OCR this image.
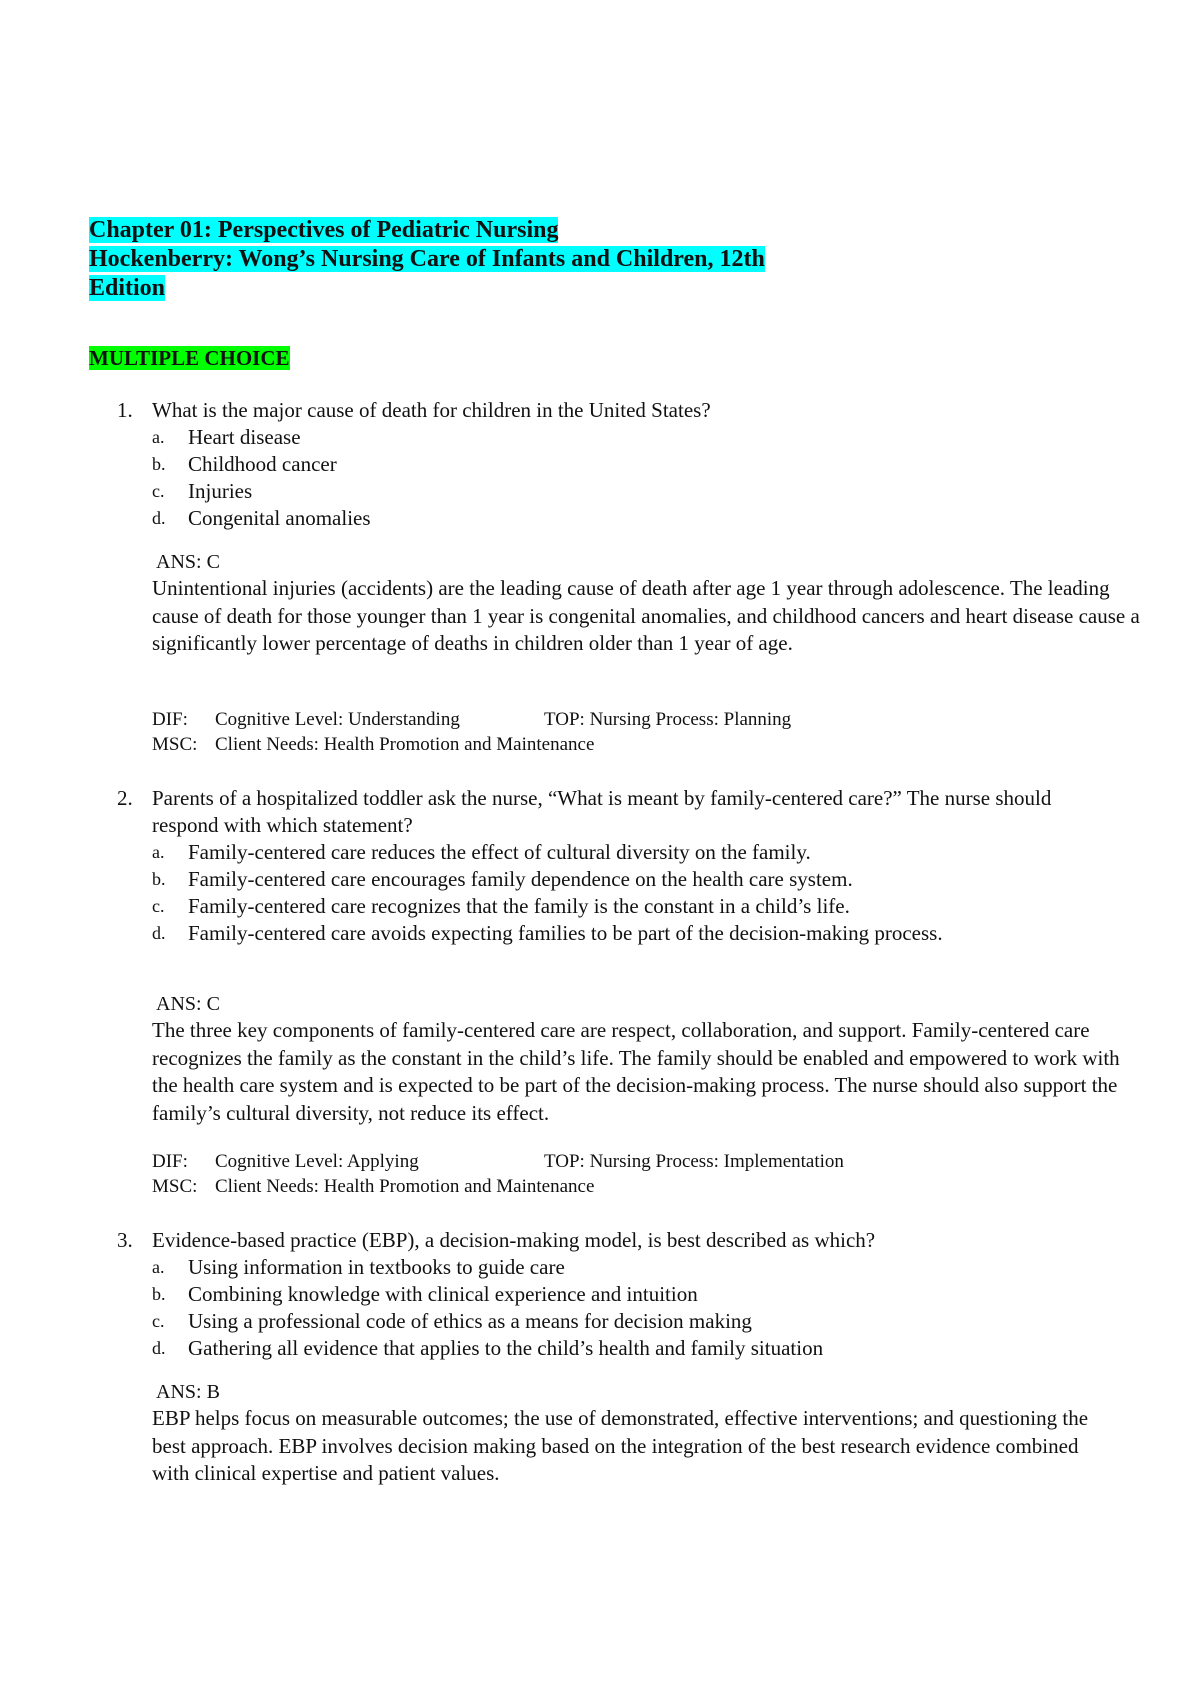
Chapter 01: Perspectives of Pediatric Nursing
Hockenberry: Wong’s Nursing Care of Infants and Children, 12th
Edition
MULTIPLE CHOICE
1. What is the major cause of death for children in the United States?
a.	Heart disease
b.	Childhood cancer
c.	Injuries
d.	Congenital anomalies
ANS: C
Unintentional injuries (accidents) are the leading cause of death after age 1 year through adolescence. The leading cause of death for those younger than 1 year is congenital anomalies, and childhood cancers and heart disease cause a significantly lower percentage of deaths in children older than 1 year of age.
DIF: Cognitive Level: Understanding	TOP: Nursing Process: Planning
MSC: Client Needs: Health Promotion and Maintenance
2. Parents of a hospitalized toddler ask the nurse, “What is meant by family-centered care?” The nurse should respond with which statement?
a.	Family-centered care reduces the effect of cultural diversity on the family.
b.	Family-centered care encourages family dependence on the health care system.
c.	Family-centered care recognizes that the family is the constant in a child’s life.
d.	Family-centered care avoids expecting families to be part of the decision-making process.
ANS: C
The three key components of family-centered care are respect, collaboration, and support. Family-centered care recognizes the family as the constant in the child’s life. The family should be enabled and empowered to work with the health care system and is expected to be part of the decision-making process. The nurse should also support the family’s cultural diversity, not reduce its effect.
DIF: Cognitive Level: Applying	TOP: Nursing Process: Implementation
MSC: Client Needs: Health Promotion and Maintenance
3. Evidence-based practice (EBP), a decision-making model, is best described as which?
a.	Using information in textbooks to guide care
b.	Combining knowledge with clinical experience and intuition
c.	Using a professional code of ethics as a means for decision making
d.	Gathering all evidence that applies to the child’s health and family situation
ANS: B
EBP helps focus on measurable outcomes; the use of demonstrated, effective interventions; and questioning the best approach. EBP involves decision making based on the integration of the best research evidence combined with clinical expertise and patient values.
